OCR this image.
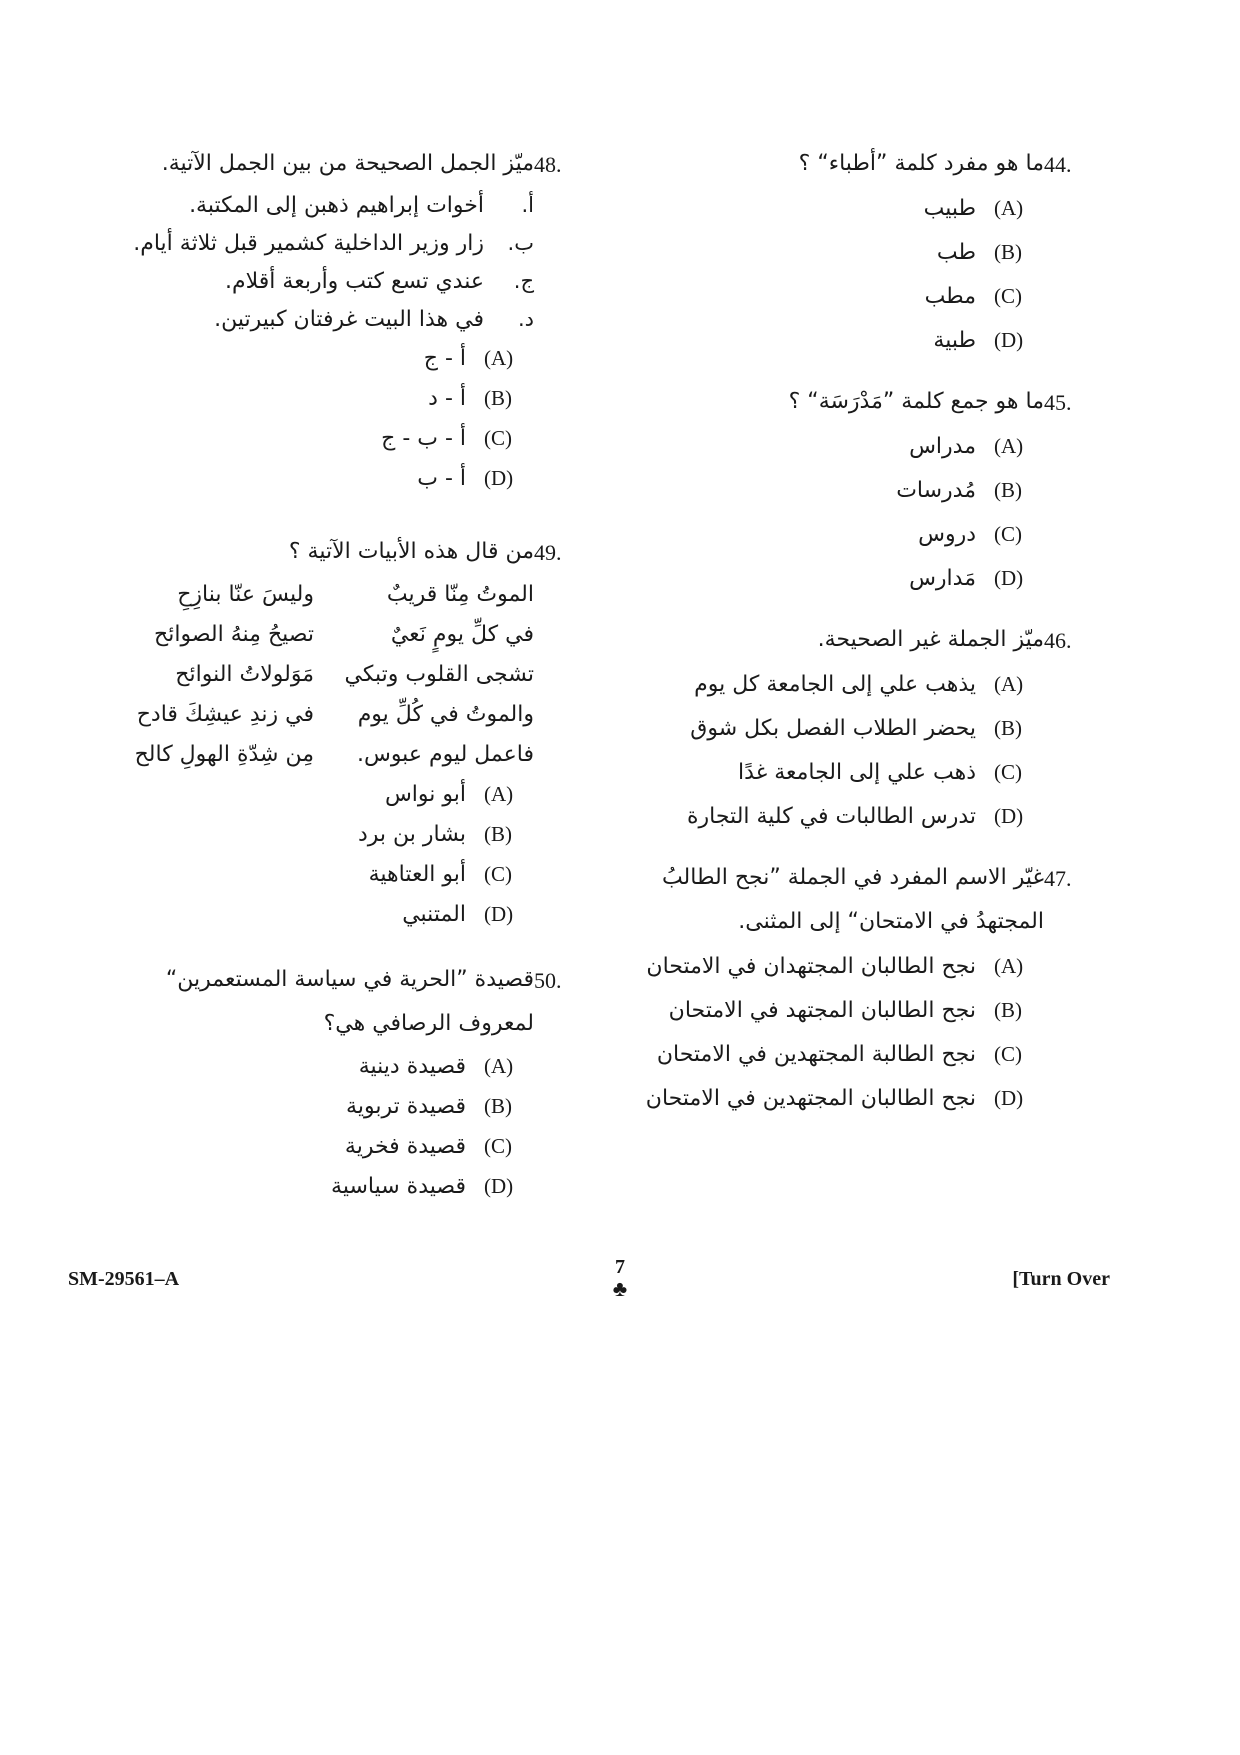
44.
ما هو مفرد كلمة ”أطباء“ ؟
(A)
طبيب
(B)
طب
(C)
مطب
(D)
طبية
45.
ما هو جمع كلمة ”مَدْرَسَة“ ؟
(A)
مدراس
(B)
مُدرسات
(C)
دروس
(D)
مَدارس
46.
ميّز الجملة غير الصحيحة.
(A)
يذهب علي إلى الجامعة كل يوم
(B)
يحضر الطلاب الفصل بكل شوق
(C)
ذهب علي إلى الجامعة غدًا
(D)
تدرس الطالبات في كلية التجارة
47.
غيّر الاسم المفرد في الجملة ”نجح الطالبُ
المجتهدُ في الامتحان“ إلى المثنى.
(A)
نجح الطالبان المجتهدان في الامتحان
(B)
نجح الطالبان المجتهد في الامتحان
(C)
نجح الطالبة المجتهدين في الامتحان
(D)
نجح الطالبان المجتهدين في الامتحان
48.
ميّز الجمل الصحيحة من بين الجمل الآتية.
أ.
أخوات إبراهيم ذهبن إلى المكتبة.
ب.
زار وزير الداخلية كشمير قبل ثلاثة أيام.
ج.
عندي تسع كتب وأربعة أقلام.
د.
في هذا البيت غرفتان كبيرتين.
(A)
أ - ج
(B)
أ - د
(C)
أ - ب - ج
(D)
أ - ب
49.
من قال هذه الأبيات الآتية ؟
الموتُ مِنّا قريبٌ
وليسَ عنّا بنازِحِ
في كلِّ يومٍ نَعيٌ
تصيحُ مِنهُ الصوائح
تشجى القلوب وتبكي
مَوَلولاتُ النوائح
والموتُ في كُلِّ يوم
في زندِ عيشِكَ قادح
فاعمل ليوم عبوس.
مِن شِدّةِ الهولِ كالح
(A)
أبو نواس
(B)
بشار بن برد
(C)
أبو العتاهية
(D)
المتنبي
50.
قصيدة ”الحرية في سياسة المستعمرين“
لمعروف الرصافي هي؟
(A)
قصيدة دينية
(B)
قصيدة تربوية
(C)
قصيدة فخرية
(D)
قصيدة سياسية
SM-29561–A
7
♣	[Turn Over
